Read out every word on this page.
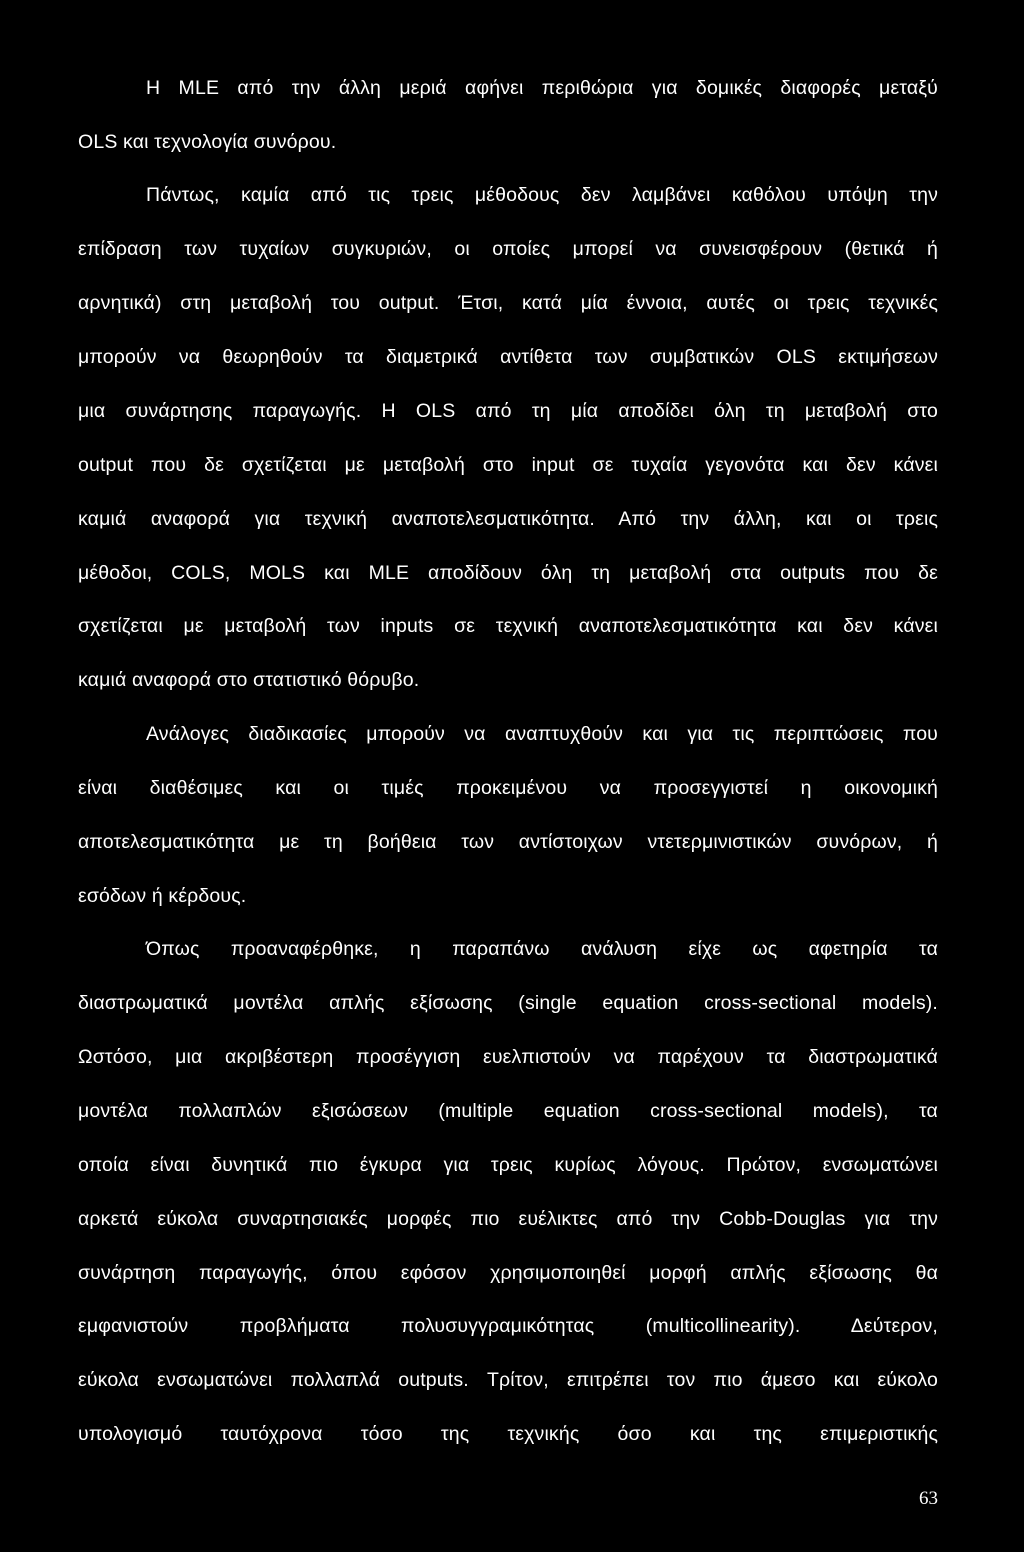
Η MLE από την άλλη μεριά αφήνει περιθώρια για δομικές διαφορές μεταξύ

OLS και τεχνολογία συνόρου.

Πάντως, καμία από τις τρεις μέθοδους δεν λαμβάνει καθόλου υπόψη την

επίδραση των τυχαίων συγκυριών, οι οποίες μπορεί να συνεισφέρουν (θετικά ή

αρνητικά) στη μεταβολή του output. Έτσι, κατά μία έννοια, αυτές οι τρεις τεχνικές

μπορούν να θεωρηθούν τα διαμετρικά αντίθετα των συμβατικών OLS εκτιμήσεων

μια συνάρτησης παραγωγής. Η OLS από τη μία αποδίδει όλη τη μεταβολή στο

output που δε σχετίζεται με μεταβολή στο input σε τυχαία γεγονότα και δεν κάνει

καμιά αναφορά για τεχνική αναποτελεσματικότητα. Από την άλλη, και οι τρεις

μέθοδοι, COLS, MOLS και MLE αποδίδουν όλη τη μεταβολή στα outputs που δε

σχετίζεται με μεταβολή των inputs σε τεχνική αναποτελεσματικότητα και δεν κάνει

καμιά αναφορά στο στατιστικό θόρυβο.

Ανάλογες διαδικασίες μπορούν να αναπτυχθούν και για τις περιπτώσεις που

είναι διαθέσιμες και οι τιμές προκειμένου να προσεγγιστεί η οικονομική

αποτελεσματικότητα με τη βοήθεια των αντίστοιχων ντετερμινιστικών συνόρων, ή

εσόδων ή κέρδους.

Όπως προαναφέρθηκε, η παραπάνω ανάλυση είχε ως αφετηρία τα

διαστρωματικά μοντέλα απλής εξίσωσης (single equation cross-sectional models).

Ωστόσο, μια ακριβέστερη προσέγγιση ευελπιστούν να παρέχουν τα διαστρωματικά

μοντέλα πολλαπλών εξισώσεων (multiple equation cross-sectional models), τα

οποία είναι δυνητικά πιο έγκυρα για τρεις κυρίως λόγους. Πρώτον, ενσωματώνει

αρκετά εύκολα συναρτησιακές μορφές πιο ευέλικτες από την Cobb-Douglas για την

συνάρτηση παραγωγής, όπου εφόσον χρησιμοποιηθεί μορφή απλής εξίσωσης θα

εμφανιστούν προβλήματα πολυσυγγραμικότητας (multicollinearity). Δεύτερον,

εύκολα ενσωματώνει πολλαπλά outputs. Τρίτον, επιτρέπει τον πιο άμεσο και εύκολο

υπολογισμό ταυτόχρονα τόσο της τεχνικής όσο και της επιμεριστικής

63
